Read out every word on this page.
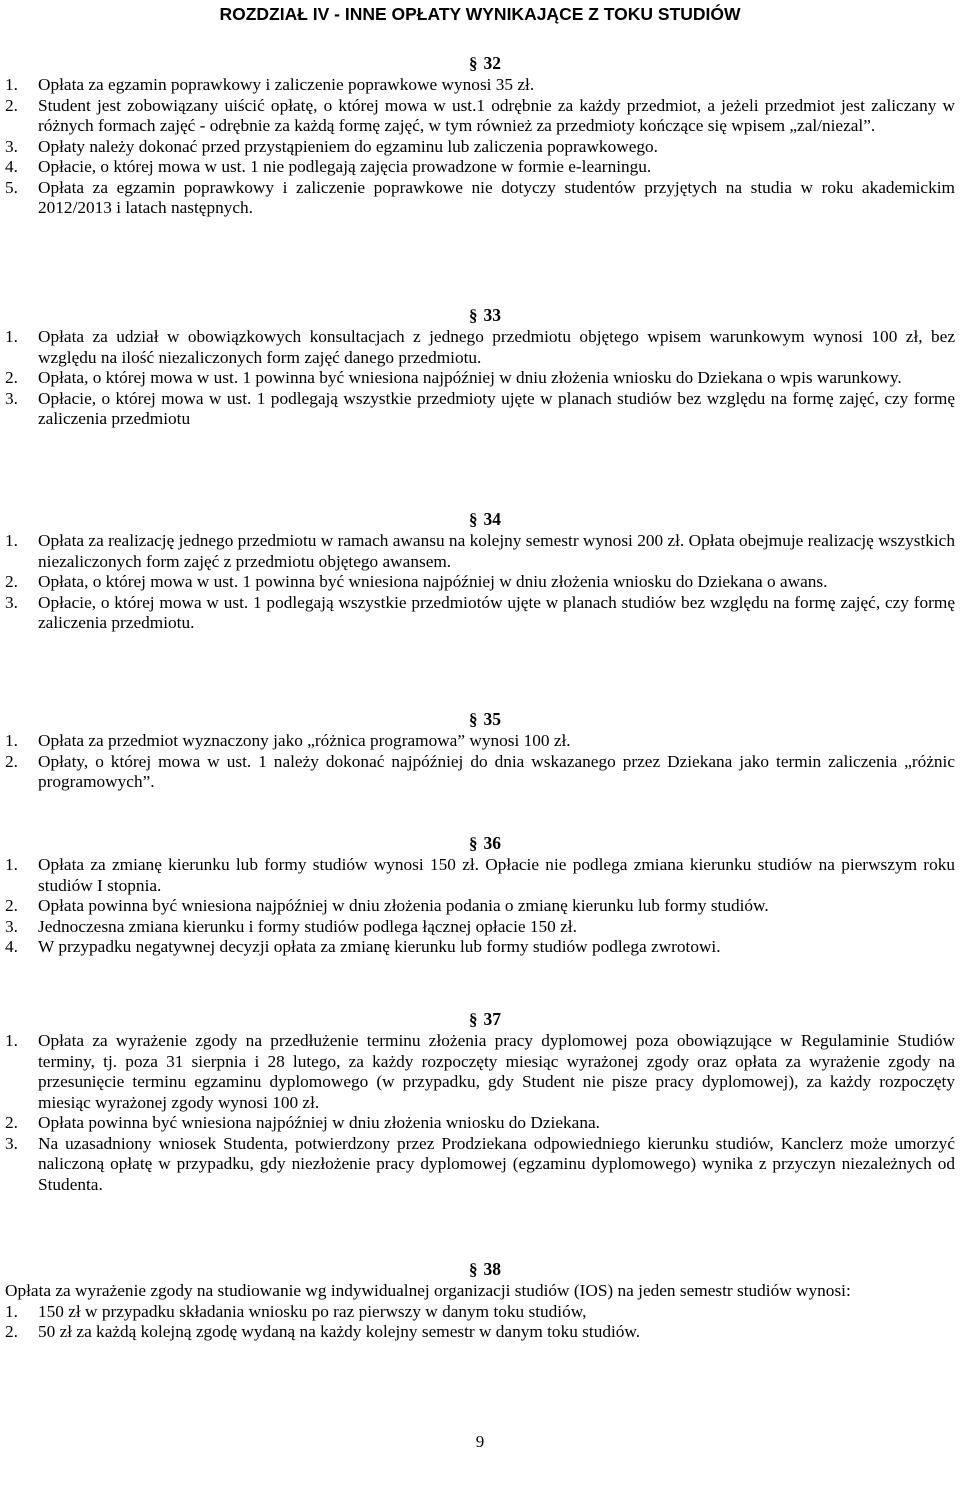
ROZDZIAŁ IV - INNE OPŁATY WYNIKAJĄCE Z TOKU STUDIÓW
§ 32
1.	Opłata za egzamin poprawkowy i zaliczenie poprawkowe wynosi 35 zł.
2.	Student jest zobowiązany uiścić opłatę, o której mowa w ust.1 odrębnie za każdy przedmiot, a jeżeli przedmiot jest zaliczany w różnych formach zajęć - odrębnie za każdą formę zajęć, w tym również za przedmioty kończące się wpisem „zal/niezal”.
3.	Opłaty należy dokonać przed przystąpieniem do egzaminu lub zaliczenia poprawkowego.
4.	Opłacie, o której mowa w ust. 1 nie podlegają zajęcia prowadzone w formie e-learningu.
5.	Opłata za egzamin poprawkowy i zaliczenie poprawkowe nie dotyczy studentów przyjętych na studia w roku akademickim 2012/2013 i latach następnych.
§ 33
1.	Opłata za udział w obowiązkowych konsultacjach z jednego przedmiotu objętego wpisem warunkowym wynosi 100 zł, bez względu na ilość niezaliczonych form zajęć danego przedmiotu.
2.	Opłata, o której mowa w ust. 1 powinna być wniesiona najpóźniej w dniu złożenia wniosku do Dziekana o wpis warunkowy.
3.	Opłacie, o której mowa w ust. 1 podlegają wszystkie przedmioty ujęte w planach studiów bez względu na formę zajęć, czy formę zaliczenia przedmiotu
§ 34
1.	Opłata za realizację jednego przedmiotu w ramach awansu na kolejny semestr wynosi 200 zł. Opłata obejmuje realizację wszystkich niezaliczonych form zajęć z przedmiotu objętego awansem.
2.	Opłata, o której mowa w ust. 1 powinna być wniesiona najpóźniej w dniu złożenia wniosku do Dziekana o awans.
3.	Opłacie, o której mowa w ust. 1 podlegają wszystkie przedmiotów ujęte w planach studiów bez względu na formę zajęć, czy formę zaliczenia przedmiotu.
§ 35
1.	Opłata za przedmiot wyznaczony jako „różnica programowa” wynosi 100 zł.
2.	Opłaty, o której mowa w ust. 1 należy dokonać najpóźniej do dnia wskazanego przez Dziekana jako termin zaliczenia „różnic programowych”.
§ 36
1.	Opłata za zmianę kierunku lub formy studiów wynosi 150 zł. Opłacie nie podlega zmiana kierunku studiów na pierwszym roku studiów I stopnia.
2.	Opłata powinna być wniesiona najpóźniej w dniu złożenia podania o zmianę kierunku lub formy studiów.
3.	Jednoczesna zmiana kierunku i formy studiów podlega łącznej opłacie 150 zł.
4.	W przypadku negatywnej decyzji opłata za zmianę kierunku lub formy studiów podlega zwrotowi.
§ 37
1.	Opłata za wyrażenie zgody na przedłużenie terminu złożenia pracy dyplomowej poza obowiązujące w Regulaminie Studiów terminy, tj. poza 31 sierpnia i 28 lutego, za każdy rozpoczęty miesiąc wyrażonej zgody oraz opłata za wyrażenie zgody na przesunięcie terminu egzaminu dyplomowego (w przypadku, gdy Student nie pisze pracy dyplomowej), za każdy rozpoczęty miesiąc wyrażonej zgody wynosi 100 zł.
2.	Opłata powinna być wniesiona najpóźniej w dniu złożenia wniosku do Dziekana.
3.	Na uzasadniony wniosek Studenta, potwierdzony przez Prodziekana odpowiedniego kierunku studiów, Kanclerz może umorzyć naliczoną opłatę w przypadku, gdy niezłożenie pracy dyplomowej (egzaminu dyplomowego) wynika z przyczyn niezależnych od Studenta.
§ 38
Opłata za wyrażenie zgody na studiowanie wg indywidualnej organizacji studiów (IOS) na jeden semestr studiów wynosi:
1.	150 zł w przypadku składania wniosku po raz pierwszy w danym toku studiów,
2.	50 zł za każdą kolejną zgodę wydaną na każdy kolejny semestr w danym toku studiów.
9
